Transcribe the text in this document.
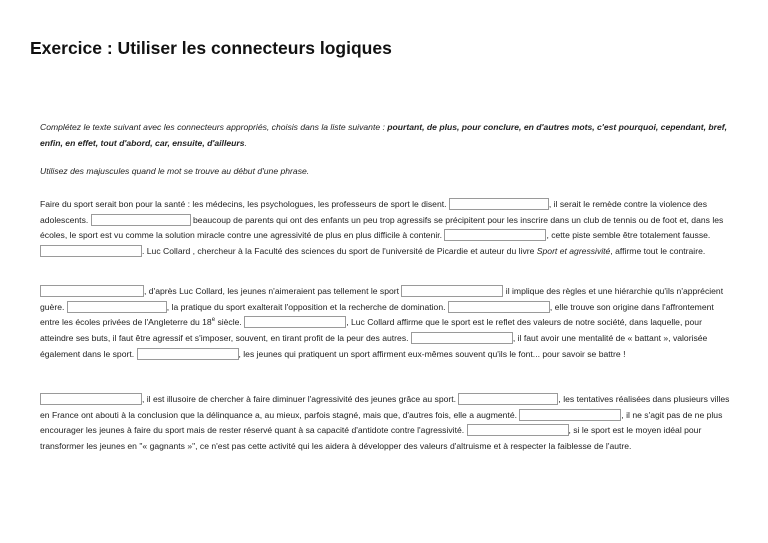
Exercice : Utiliser les connecteurs logiques
Complétez le texte suivant avec les connecteurs appropriés, choisis dans la liste suivante : pourtant, de plus, pour conclure, en d'autres mots, c'est pourquoi, cependant, bref, enfin, en effet, tout d'abord, car, ensuite, d'ailleurs.
Utilisez des majuscules quand le mot se trouve au début d'une phrase.
Faire du sport serait bon pour la santé : les médecins, les psychologues, les professeurs de sport le disent.	, il serait le remède contre la violence des adolescents.	beaucoup de parents qui ont des enfants un peu trop agressifs se précipitent pour les inscrire dans un club de tennis ou de foot et, dans les écoles, le sport est vu comme la solution miracle contre une agressivité de plus en plus difficile à contenir.	, cette piste semble être totalement fausse. . Luc Collard , chercheur à la Faculté des sciences du sport de l'université de Picardie et auteur du livre Sport et agressivité, affirme tout le contraire.
, d'après Luc Collard, les jeunes n'aimeraient pas tellement le sport	il implique des règles et une hiérarchie qu'ils n'apprécient guère.	, la pratique du sport exalterait l'opposition et la recherche de domination.	, elle trouve son origine dans l'affrontement entre les écoles privées de l'Angleterre du 18e siècle.	, Luc Collard affirme que le sport est le reflet des valeurs de notre société, dans laquelle, pour atteindre ses buts, il faut être agressif et s'imposer, souvent, en tirant profit de la peur des autres.	, il faut avoir une mentalité de « battant », valorisée également dans le sport.	, les jeunes qui pratiquent un sport affirment eux-mêmes souvent qu'ils le font... pour savoir se battre !
, il est illusoire de chercher à faire diminuer l'agressivité des jeunes grâce au sport.	, les tentatives réalisées dans plusieurs villes en France ont abouti à la conclusion que la délinquance a, au mieux, parfois stagné, mais que, d'autres fois, elle a augmenté.	, il ne s'agit pas de ne plus encourager les jeunes à faire du sport mais de rester réservé quant à sa capacité d'antidote contre l'agressivité.	, si le sport est le moyen idéal pour transformer les jeunes en "« gagnants »", ce n'est pas cette activité qui les aidera à développer des valeurs d'altruisme et à respecter la faiblesse de l'autre.
